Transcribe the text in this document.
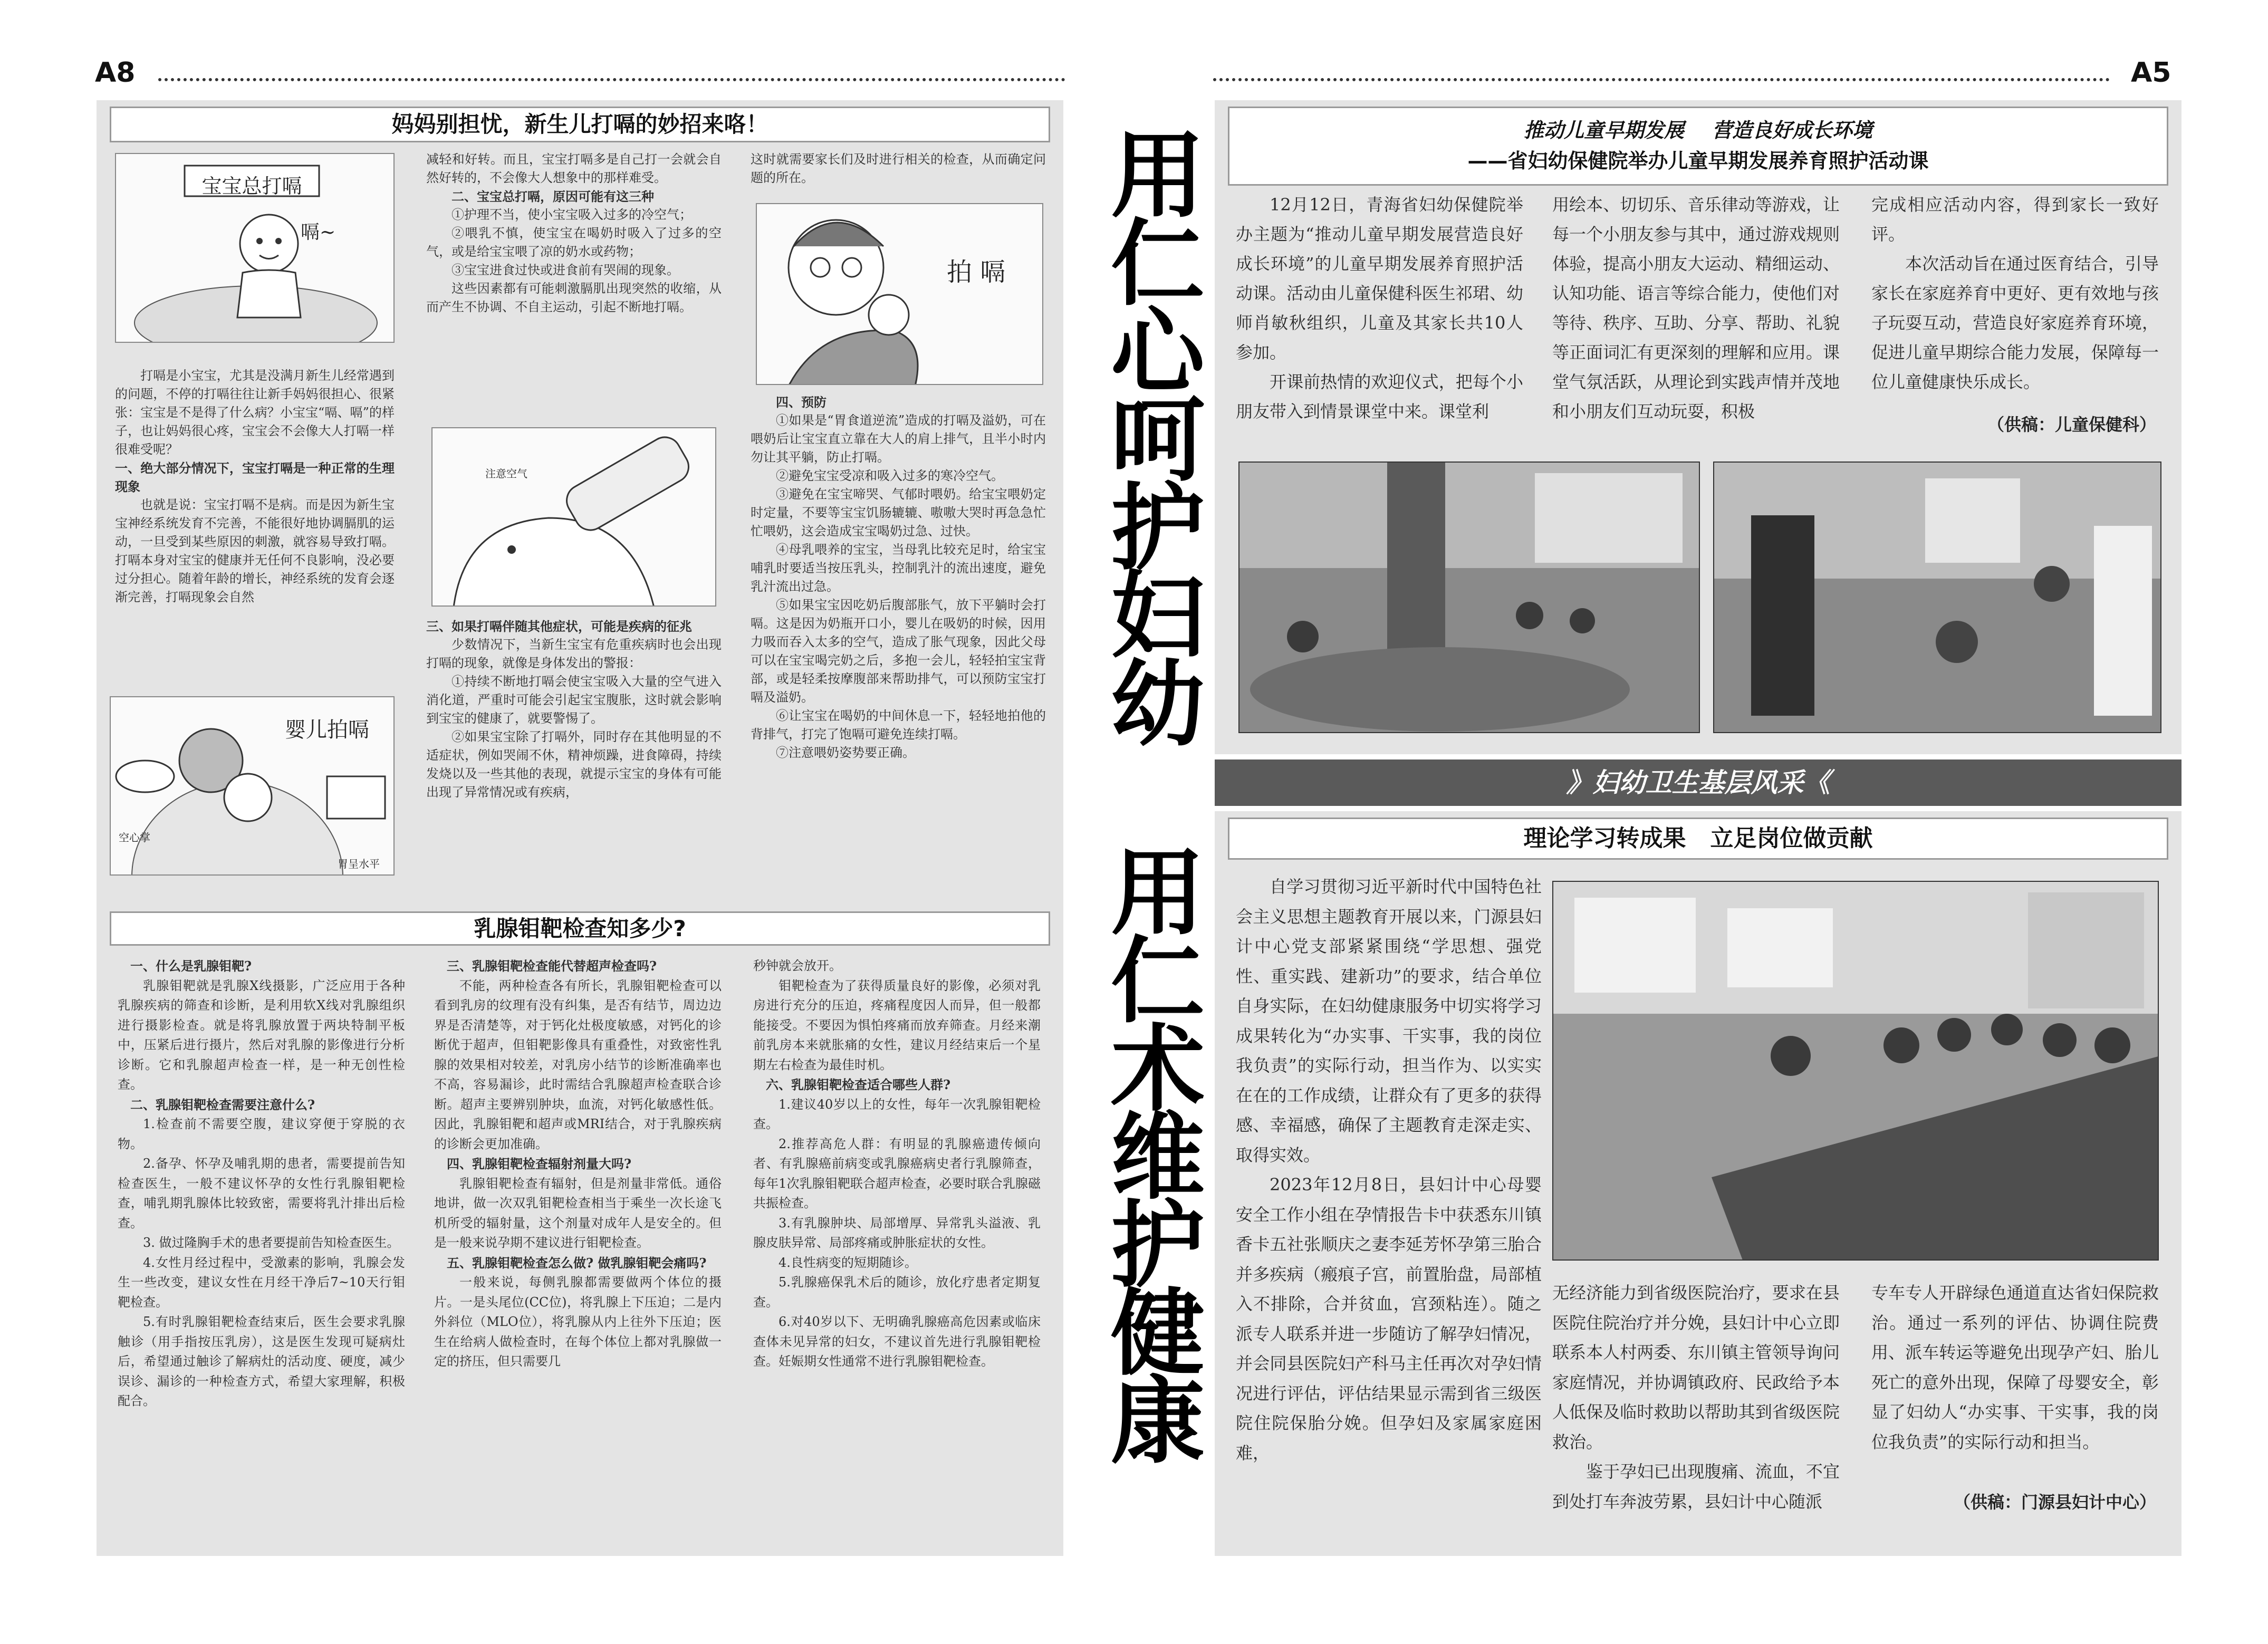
A8
妈妈别担忧，新生儿打嗝的妙招来咯！
宝宝总打嗝
嗝~

打嗝是小宝宝，尤其是没满月新生儿经常遇到的问题，不停的打嗝往往让新手妈妈很担心、很紧张：宝宝是不是得了什么病？小宝宝“嗝、嗝”的样子，也让妈妈很心疼，宝宝会不会像大人打嗝一样很难受呢？

一、绝大部分情况下，宝宝打嗝是一种正常的生理现象

也就是说：宝宝打嗝不是病。而是因为新生宝宝神经系统发育不完善，不能很好地协调膈肌的运动，一旦受到某些原因的刺激，就容易导致打嗝。打嗝本身对宝宝的健康并无任何不良影响，没必要过分担心。随着年龄的增长，神经系统的发育会逐渐完善，打嗝现象会自然

婴儿拍嗝
空心掌
胃呈水平

减轻和好转。而且，宝宝打嗝多是自己打一会就会自然好转的，不会像大人想象中的那样难受。

二、宝宝总打嗝，原因可能有这三种

①护理不当，使小宝宝吸入过多的冷空气；

②喂乳不慎，使宝宝在喝奶时吸入了过多的空气，或是给宝宝喂了凉的奶水或药物；

③宝宝进食过快或进食前有哭闹的现象。

这些因素都有可能刺激膈肌出现突然的收缩，从而产生不协调、不自主运动，引起不断地打嗝。

注意空气
三、如果打嗝伴随其他症状，可能是疾病的征兆

少数情况下，当新生宝宝有危重疾病时也会出现打嗝的现象，就像是身体发出的警报：

①持续不断地打嗝会使宝宝吸入大量的空气进入消化道，严重时可能会引起宝宝腹胀，这时就会影响到宝宝的健康了，就要警惕了。

②如果宝宝除了打嗝外，同时存在其他明显的不适症状，例如哭闹不休，精神烦躁，进食障碍，持续发烧以及一些其他的表现，就提示宝宝的身体有可能出现了异常情况或有疾病，

这时就需要家长们及时进行相关的检查，从而确定问题的所在。

拍 嗝
四、预防

①如果是“胃食道逆流”造成的打嗝及溢奶，可在喂奶后让宝宝直立靠在大人的肩上排气，且半小时内勿让其平躺，防止打嗝。

②避免宝宝受凉和吸入过多的寒冷空气。

③避免在宝宝啼哭、气郁时喂奶。给宝宝喂奶定时定量，不要等宝宝饥肠辘辘、嗷嗷大哭时再急急忙忙喂奶，这会造成宝宝喝奶过急、过快。

④母乳喂养的宝宝，当母乳比较充足时，给宝宝哺乳时要适当按压乳头，控制乳汁的流出速度，避免乳汁流出过急。

⑤如果宝宝因吃奶后腹部胀气，放下平躺时会打嗝。这是因为奶瓶开口小，婴儿在吸奶的时候，因用力吸而吞入太多的空气，造成了胀气现象，因此父母可以在宝宝喝完奶之后，多抱一会儿，轻轻拍宝宝背部，或是轻柔按摩腹部来帮助排气，可以预防宝宝打嗝及溢奶。

⑥让宝宝在喝奶的中间休息一下，轻轻地拍他的背排气，打完了饱嗝可避免连续打嗝。

⑦注意喂奶姿势要正确。

乳腺钼靶检查知多少?
一、什么是乳腺钼靶?

乳腺钼靶就是乳腺X线摄影，广泛应用于各种乳腺疾病的筛查和诊断，是利用软X线对乳腺组织进行摄影检查。就是将乳腺放置于两块特制平板中，压紧后进行摄片，然后对乳腺的影像进行分析诊断。它和乳腺超声检查一样，是一种无创性检查。

二、乳腺钼靶检查需要注意什么?

1.检查前不需要空腹，建议穿便于穿脱的衣物。

2.备孕、怀孕及哺乳期的患者，需要提前告知检查医生，一般不建议怀孕的女性行乳腺钼靶检查，哺乳期乳腺体比较致密，需要将乳汁排出后检查。

3. 做过隆胸手术的患者要提前告知检查医生。

4.女性月经过程中，受激素的影响，乳腺会发生一些改变，建议女性在月经干净后7~10天行钼靶检查。

5.有时乳腺钼靶检查结束后，医生会要求乳腺触诊（用手指按压乳房），这是医生发现可疑病灶后，希望通过触诊了解病灶的活动度、硬度，减少误诊、漏诊的一种检查方式，希望大家理解，积极配合。

三、乳腺钼靶检查能代替超声检查吗?

不能，两种检查各有所长，乳腺钼靶检查可以看到乳房的纹理有没有纠集，是否有结节，周边边界是否清楚等，对于钙化灶极度敏感，对钙化的诊断优于超声，但钼靶影像具有重叠性，对致密性乳腺的效果相对较差，对乳房小结节的诊断准确率也不高，容易漏诊，此时需结合乳腺超声检查联合诊断。超声主要辨别肿块，血流，对钙化敏感性低。因此，乳腺钼靶和超声或MRI结合，对于乳腺疾病的诊断会更加准确。

四、乳腺钼靶检查辐射剂量大吗?

乳腺钼靶检查有辐射，但是剂量非常低。通俗地讲，做一次双乳钼靶检查相当于乘坐一次长途飞机所受的辐射量，这个剂量对成年人是安全的。但是一般来说孕期不建议进行钼靶检查。

五、乳腺钼靶检查怎么做? 做乳腺钼靶会痛吗?

一般来说，每侧乳腺都需要做两个体位的摄片。一是头尾位(CC位)，将乳腺上下压迫；二是内外斜位（MLO位），将乳腺从内上往外下压迫；医生在给病人做检查时，在每个体位上都对乳腺做一定的挤压，但只需要几

秒钟就会放开。

钼靶检查为了获得质量良好的影像，必须对乳房进行充分的压迫，疼痛程度因人而异，但一般都能接受。不要因为惧怕疼痛而放弃筛查。月经来潮前乳房本来就胀痛的女性，建议月经结束后一个星期左右检查为最佳时机。

六、乳腺钼靶检查适合哪些人群?

1.建议40岁以上的女性，每年一次乳腺钼靶检查。

2.推荐高危人群：有明显的乳腺癌遗传倾向者、有乳腺癌前病变或乳腺癌病史者行乳腺筛查，每年1次乳腺钼靶联合超声检查，必要时联合乳腺磁共振检查。

3.有乳腺肿块、局部增厚、异常乳头溢液、乳腺皮肤异常、局部疼痛或肿胀症状的女性。

4.良性病变的短期随诊。

5.乳腺癌保乳术后的随诊，放化疗患者定期复查。

6.对40岁以下、无明确乳腺癌高危因素或临床查体未见异常的妇女，不建议首先进行乳腺钼靶检查。妊娠期女性通常不进行乳腺钼靶检查。

用
仁
心
呵
护
妇
幼
用
仁
术
维
护
健
康
A5
推动儿童早期发展    营造良好成长环境
——省妇幼保健院举办儿童早期发展养育照护活动课

12月12日，青海省妇幼保健院举办主题为“推动儿童早期发展营造良好成长环境”的儿童早期发展养育照护活动课。活动由儿童保健科医生祁珺、幼师肖敏秋组织，儿童及其家长共10人参加。

开课前热情的欢迎仪式，把每个小朋友带入到情景课堂中来。课堂利

用绘本、切切乐、音乐律动等游戏，让每一个小朋友参与其中，通过游戏规则体验，提高小朋友大运动、精细运动、认知功能、语言等综合能力，使他们对等待、秩序、互助、分享、帮助、礼貌等正面词汇有更深刻的理解和应用。课堂气氛活跃，从理论到实践声情并茂地和小朋友们互动玩耍，积极

完成相应活动内容，得到家长一致好评。

本次活动旨在通过医育结合，引导家长在家庭养育中更好、更有效地与孩子玩耍互动，营造良好家庭养育环境，促进儿童早期综合能力发展，保障每一位儿童健康快乐成长。

（供稿：儿童保健科）
》妇幼卫生基层风采《
理论学习转成果   立足岗位做贡献

自学习贯彻习近平新时代中国特色社会主义思想主题教育开展以来，门源县妇计中心党支部紧紧围绕“学思想、强党性、重实践、建新功”的要求，结合单位自身实际，在妇幼健康服务中切实将学习成果转化为“办实事、干实事，我的岗位我负责”的实际行动，担当作为、以实实在在的工作成绩，让群众有了更多的获得感、幸福感，确保了主题教育走深走实、取得实效。

2023年12月8日，县妇计中心母婴安全工作小组在孕情报告卡中获悉东川镇香卡五社张顺庆之妻李延芳怀孕第三胎合并多疾病（瘢痕子宫，前置胎盘，局部植入不排除，合并贫血，宫颈粘连）。随之派专人联系并进一步随访了解孕妇情况，并会同县医院妇产科马主任再次对孕妇情况进行评估，评估结果显示需到省三级医院住院保胎分娩。但孕妇及家属家庭困难，

无经济能力到省级医院治疗，要求在县医院住院治疗并分娩，县妇计中心立即联系本人村两委、东川镇主管领导询问家庭情况，并协调镇政府、民政给予本人低保及临时救助以帮助其到省级医院救治。

鉴于孕妇已出现腹痛、流血，不宜到处打车奔波劳累，县妇计中心随派

专车专人开辟绿色通道直达省妇保院救治。通过一系列的评估、协调住院费用、派车转运等避免出现孕产妇、胎儿死亡的意外出现，保障了母婴安全，彰显了妇幼人“办实事、干实事，我的岗位我负责”的实际行动和担当。

（供稿：门源县妇计中心）
